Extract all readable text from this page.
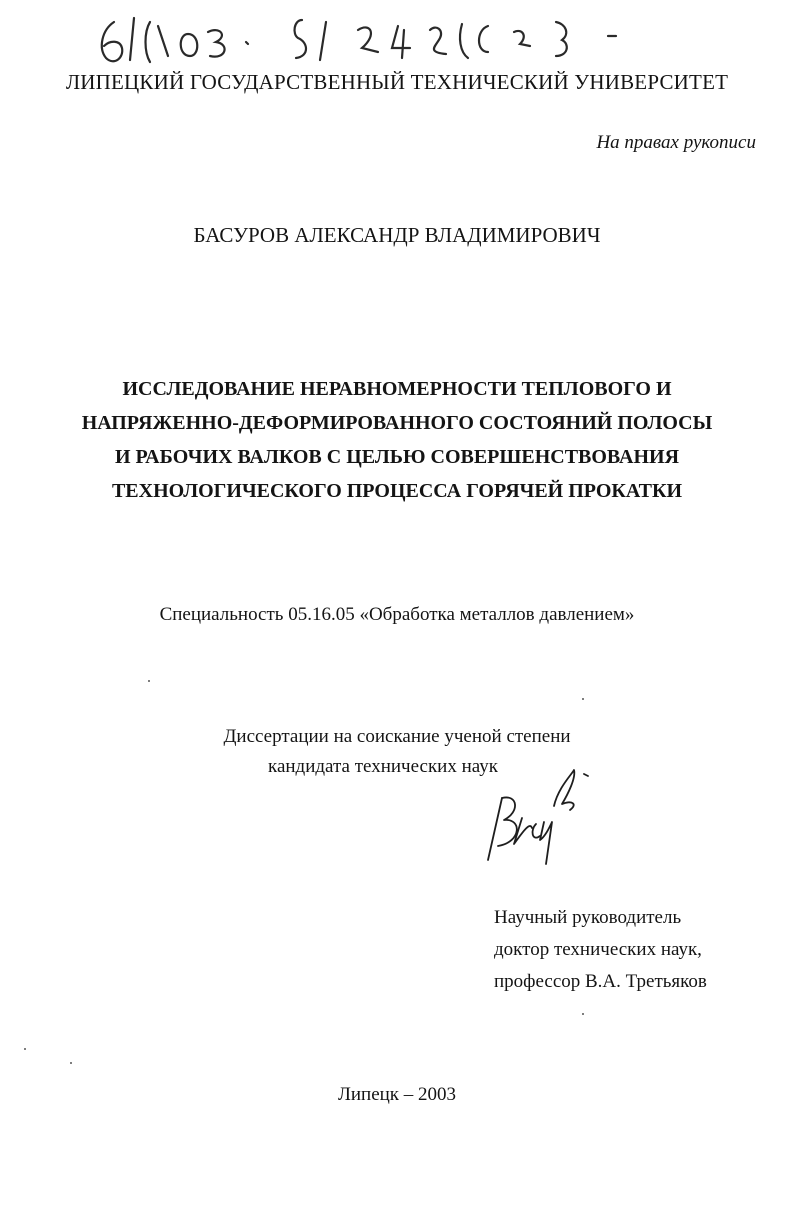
ЛИПЕЦКИЙ ГОСУДАРСТВЕННЫЙ ТЕХНИЧЕСКИЙ УНИВЕРСИТЕТ
На правах рукописи
БАСУРОВ АЛЕКСАНДР ВЛАДИМИРОВИЧ
ИССЛЕДОВАНИЕ НЕРАВНОМЕРНОСТИ ТЕПЛОВОГО И
НАПРЯЖЕННО-ДЕФОРМИРОВАННОГО СОСТОЯНИЙ ПОЛОСЫ
И РАБОЧИХ ВАЛКОВ С ЦЕЛЬЮ СОВЕРШЕНСТВОВАНИЯ
ТЕХНОЛОГИЧЕСКОГО ПРОЦЕССА ГОРЯЧЕЙ ПРОКАТКИ
Специальность 05.16.05 «Обработка металлов давлением»
Диссертации на соискание ученой степени
кандидата технических наук
Научный руководитель
доктор технических наук,
профессор В.А. Третьяков
Липецк – 2003
